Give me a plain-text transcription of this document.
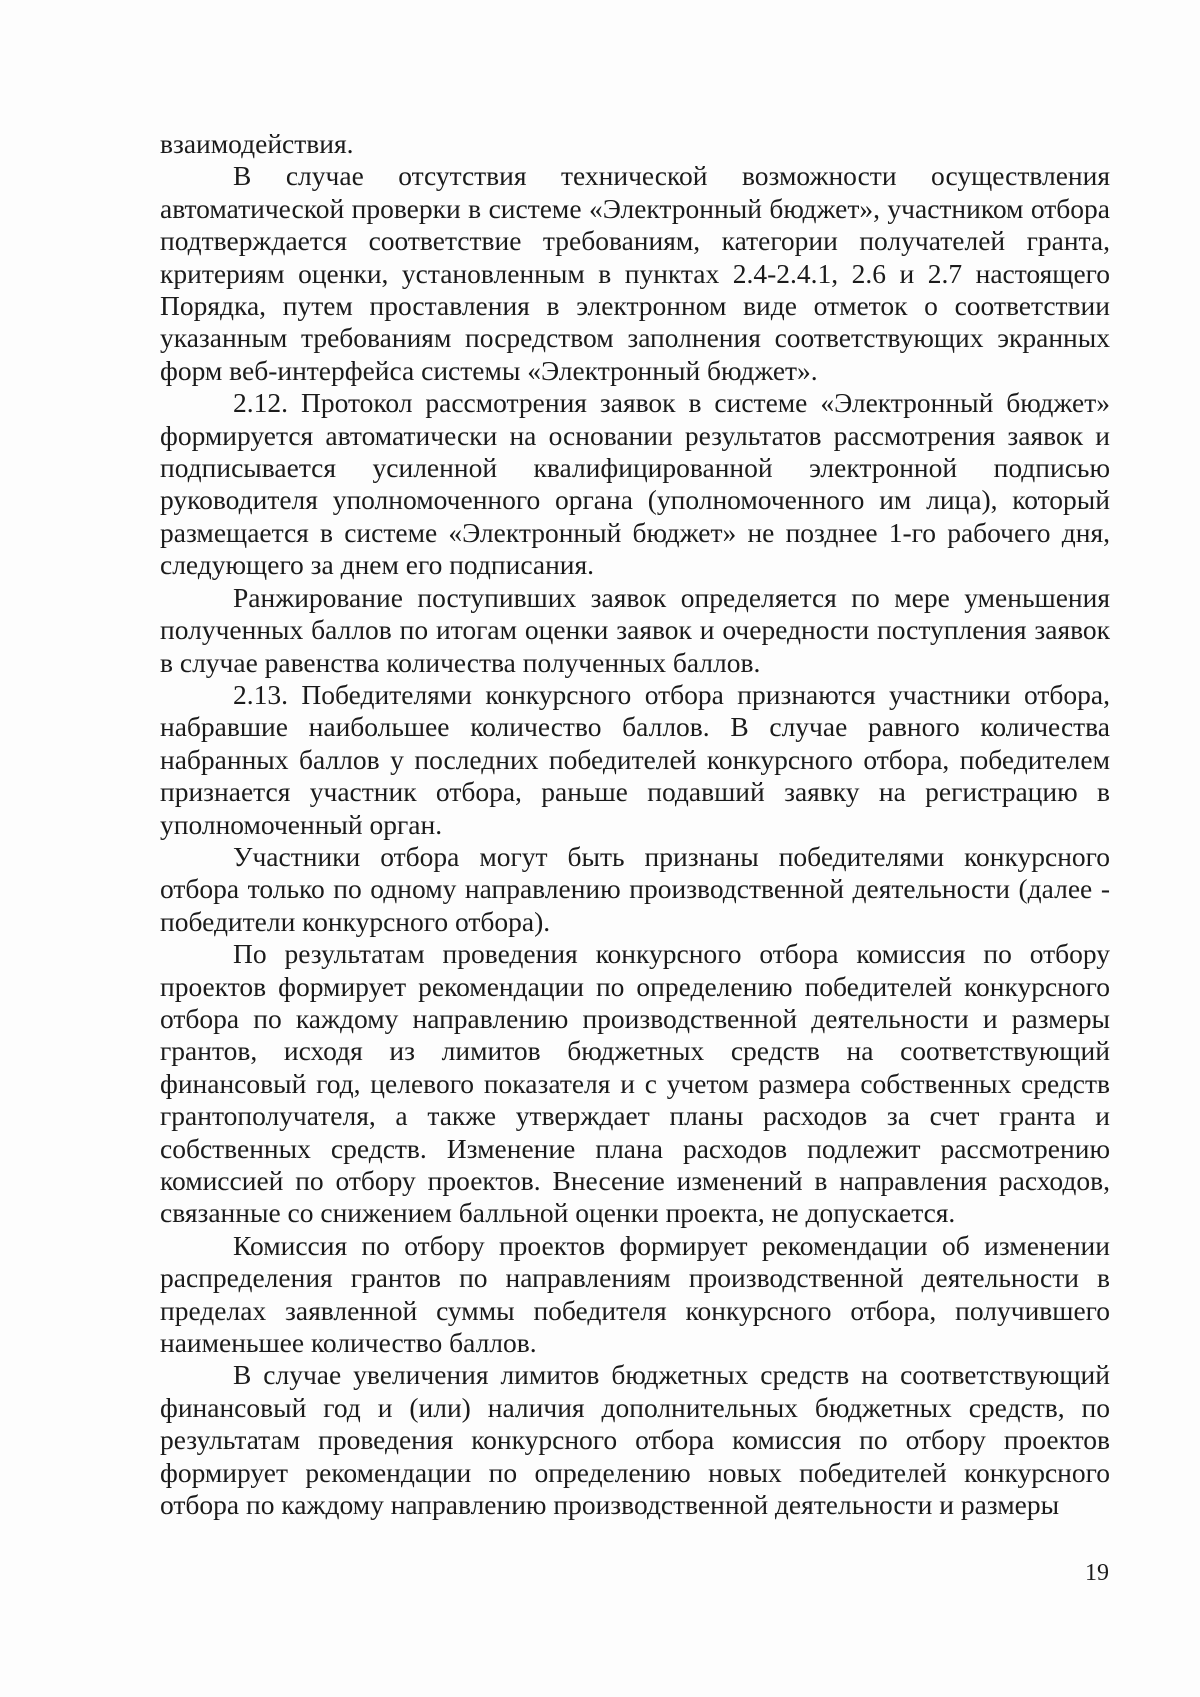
взаимодействия.

В случае отсутствия технической возможности осуществления автоматической проверки в системе «Электронный бюджет», участником отбора подтверждается соответствие требованиям, категории получателей гранта, критериям оценки, установленным в пунктах 2.4-2.4.1, 2.6 и 2.7 настоящего Порядка, путем проставления в электронном виде отметок о соответствии указанным требованиям посредством заполнения соответствующих экранных форм веб-интерфейса системы «Электронный бюджет».

2.12. Протокол рассмотрения заявок в системе «Электронный бюджет» формируется автоматически на основании результатов рассмотрения заявок и подписывается усиленной квалифицированной электронной подписью руководителя уполномоченного органа (уполномоченного им лица), который размещается в системе «Электронный бюджет» не позднее 1-го рабочего дня, следующего за днем его подписания.

Ранжирование поступивших заявок определяется по мере уменьшения полученных баллов по итогам оценки заявок и очередности поступления заявок в случае равенства количества полученных баллов.

2.13. Победителями конкурсного отбора признаются участники отбора, набравшие наибольшее количество баллов. В случае равного количества набранных баллов у последних победителей конкурсного отбора, победителем признается участник отбора, раньше подавший заявку на регистрацию в уполномоченный орган.

Участники отбора могут быть признаны победителями конкурсного отбора только по одному направлению производственной деятельности (далее - победители конкурсного отбора).

По результатам проведения конкурсного отбора комиссия по отбору проектов формирует рекомендации по определению победителей конкурсного отбора по каждому направлению производственной деятельности и размеры грантов, исходя из лимитов бюджетных средств на соответствующий финансовый год, целевого показателя и с учетом размера собственных средств грантополучателя, а также утверждает планы расходов за счет гранта и собственных средств. Изменение плана расходов подлежит рассмотрению комиссией по отбору проектов. Внесение изменений в направления расходов, связанные со снижением балльной оценки проекта, не допускается.

Комиссия по отбору проектов формирует рекомендации об изменении распределения грантов по направлениям производственной деятельности в пределах заявленной суммы победителя конкурсного отбора, получившего наименьшее количество баллов.

В случае увеличения лимитов бюджетных средств на соответствующий финансовый год и (или) наличия дополнительных бюджетных средств, по результатам проведения конкурсного отбора комиссия по отбору проектов формирует рекомендации по определению новых победителей конкурсного отбора по каждому направлению производственной деятельности и размеры

19
